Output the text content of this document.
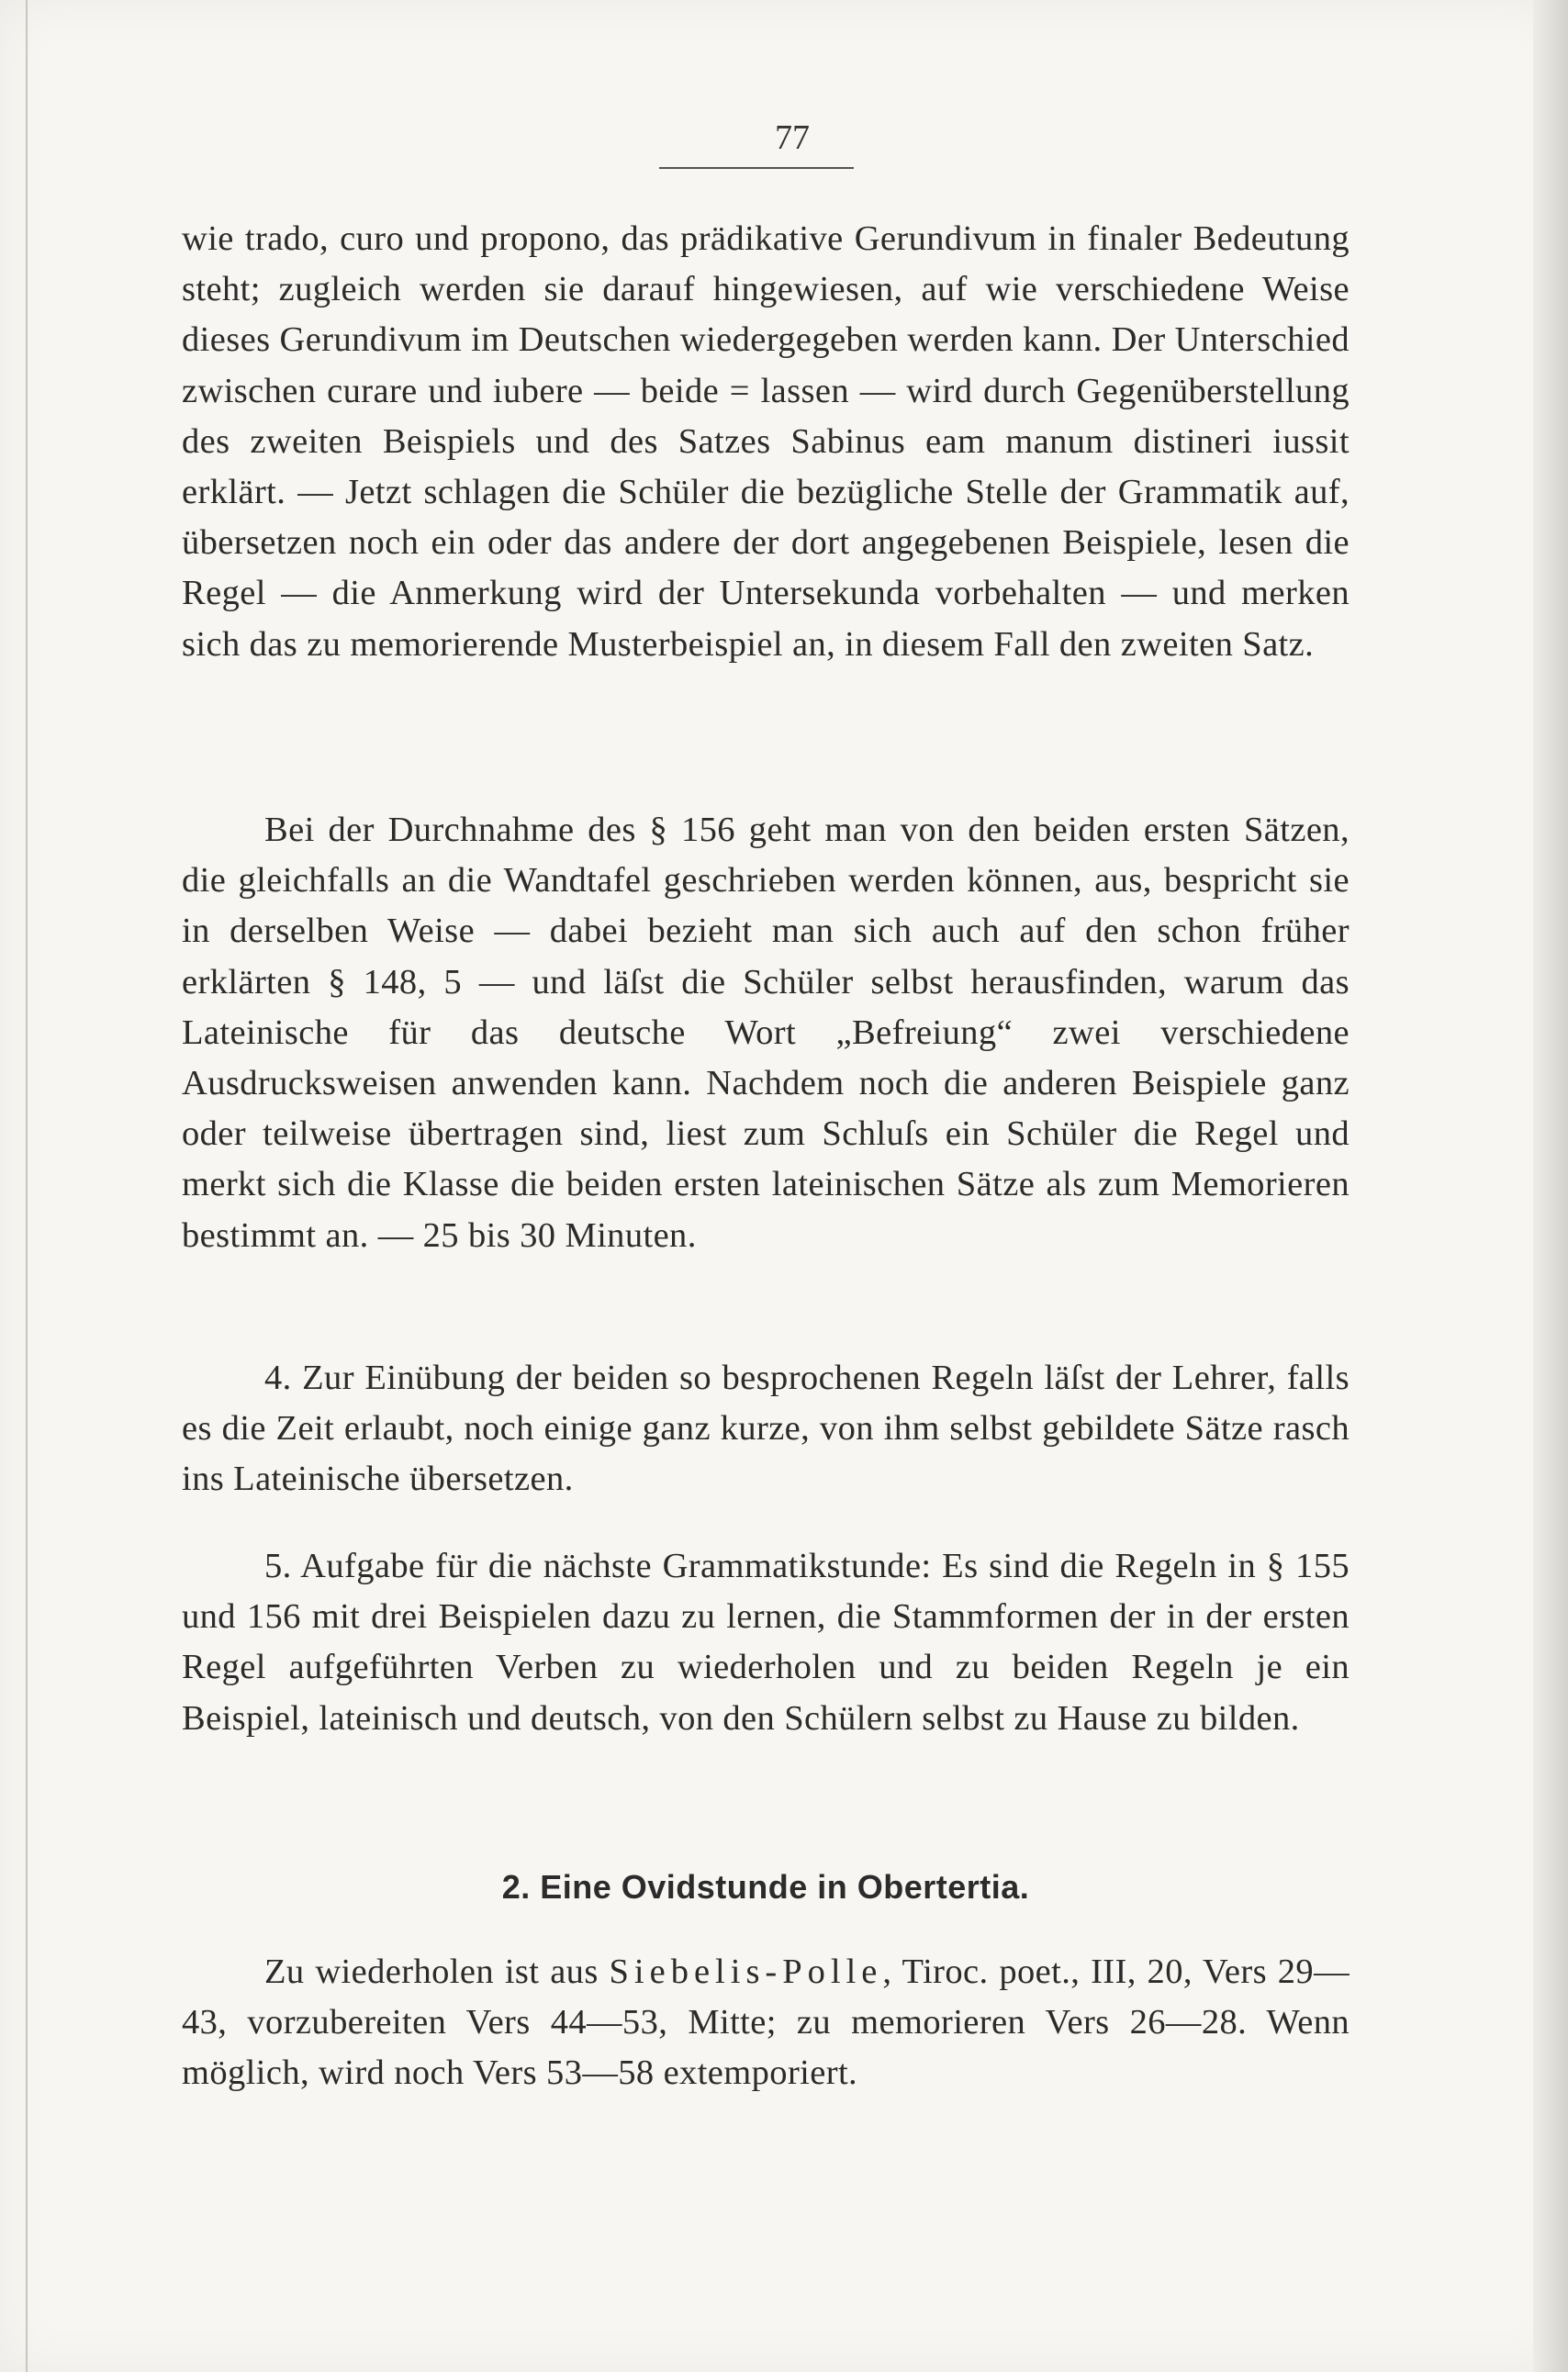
77

wie trado, curo und propono, das prädikative Gerundivum in finaler Bedeutung steht; zugleich werden sie darauf hingewiesen, auf wie verschiedene Weise dieses Gerundivum im Deutschen wiedergegeben werden kann. Der Unterschied zwischen curare und iubere — beide = lassen — wird durch Gegenüberstellung des zweiten Beispiels und des Satzes Sabinus eam manum distineri iussit erklärt. — Jetzt schlagen die Schüler die bezügliche Stelle der Grammatik auf, übersetzen noch ein oder das andere der dort angegebenen Beispiele, lesen die Regel — die Anmerkung wird der Untersekunda vorbehalten — und merken sich das zu memorierende Musterbeispiel an, in diesem Fall den zweiten Satz.

Bei der Durchnahme des § 156 geht man von den beiden ersten Sätzen, die gleichfalls an die Wandtafel geschrieben werden können, aus, bespricht sie in derselben Weise — dabei bezieht man sich auch auf den schon früher erklärten § 148, 5 — und läſst die Schüler selbst herausfinden, warum das Lateinische für das deutsche Wort „Befreiung“ zwei verschiedene Ausdrucksweisen anwenden kann. Nachdem noch die anderen Beispiele ganz oder teilweise übertragen sind, liest zum Schluſs ein Schüler die Regel und merkt sich die Klasse die beiden ersten lateinischen Sätze als zum Memorieren bestimmt an. — 25 bis 30 Minuten.

4. Zur Einübung der beiden so besprochenen Regeln läſst der Lehrer, falls es die Zeit erlaubt, noch einige ganz kurze, von ihm selbst gebildete Sätze rasch ins Lateinische übersetzen.

5. Aufgabe für die nächste Grammatikstunde: Es sind die Regeln in § 155 und 156 mit drei Beispielen dazu zu lernen, die Stammformen der in der ersten Regel aufgeführten Verben zu wiederholen und zu beiden Regeln je ein Beispiel, lateinisch und deutsch, von den Schülern selbst zu Hause zu bilden.

2. Eine Ovidstunde in Obertertia.

Zu wiederholen ist aus Siebelis-Polle, Tiroc. poet., III, 20, Vers 29—43, vorzubereiten Vers 44—53, Mitte; zu memorieren Vers 26—28. Wenn möglich, wird noch Vers 53—58 extemporiert.
